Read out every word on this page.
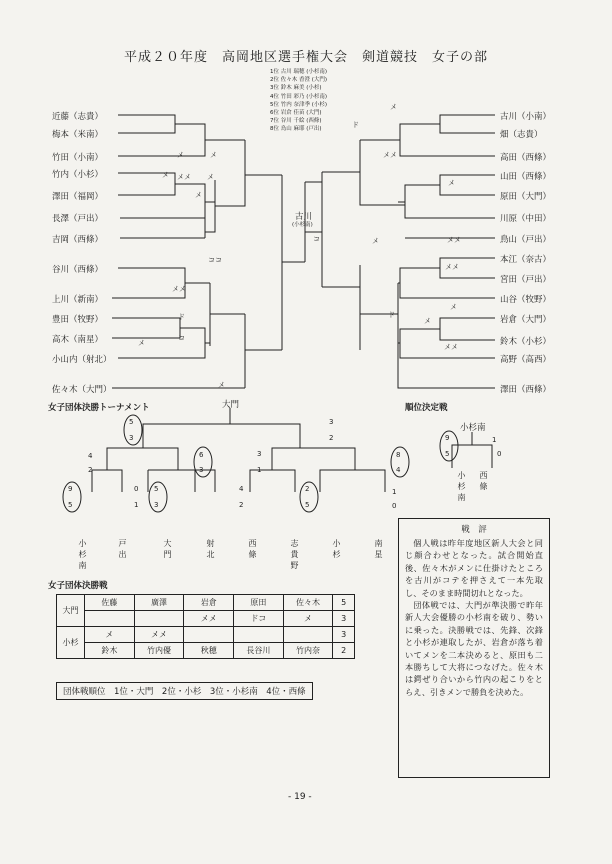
平成２０年度　高岡地区選手権大会　剣道競技　女子の部
1位 古川 瑞穂 (小杉南)
2位 佐々木 香澄 (大門)
3位 鈴木 麻美 (小杉)
4位 竹田 彩乃 (小杉南)
5位 竹内 奈津季 (小杉)
6位 岩倉 佳苗 (大門)
7位 谷川 千絵 (西條)
8位 鳥山 麻耶 (戸出)
近藤（志貴）
梅本（米南）
竹田（小南）
竹内（小杉）
澤田（福岡）
長澤（戸出）
吉岡（西條）
谷川（西條）
上川（新南）
豊田（牧野）
高木（南星）
小山内（射北）
佐々木（大門）
古川（小南）
畑（志貴）
高田（西條）
山田（西條）
原田（大門）
川原（中田）
鳥山（戸出）
本江（奈古）
宮田（戸出）
山谷（牧野）
岩倉（大門）
鈴木（小杉）
高野（高西）
澤田（西條）
古川
(小杉南)
メ	メ
メ メメ メ
メ
メ
ココ
メメ
ド
コ
メ
メ
ド
メメ
メ
ド
メメ
メ
メメ
メメ
メ
メ
コ
女子団体決勝トーナメント	順位決定戦
大門
9
5
0
1
5
3
6
3
4
2
4
2
3
1
2
5
8
4
5
3
3
2
1
0
小杉南
戸出
大門
射北
西條
志貴野
小杉
南星
小杉南
小杉南
西條
9
5
1
0
女子団体決勝戦
大門	佐藤	廣澤	岩倉	原田	佐々木	5
			メメ	ドコ	メ	3
小杉	メ	メメ				3
	鈴木	竹内優	秋穂	長谷川	竹内奈	2
団体戦順位　1位・大門　2位・小杉　3位・小杉南　4位・西條
戦　評

個人戦は昨年度地区新人大会と同じ顔合わせとなった。試合開始直後、佐々木がメンに仕掛けたところを古川がコテを押さえて一本先取し、そのまま時間切れとなった。

団体戦では、大門が準決勝で昨年新人大会優勝の小杉南を破り、勢いに乗った。決勝戦では、先鋒、次鋒と小杉が連取したが、岩倉が落ち着いてメンを二本決めると、原田も二本勝ちして大将につなげた。佐々木は鍔ぜり合いから竹内の起こりをとらえ、引きメンで勝負を決めた。

- 19 -
